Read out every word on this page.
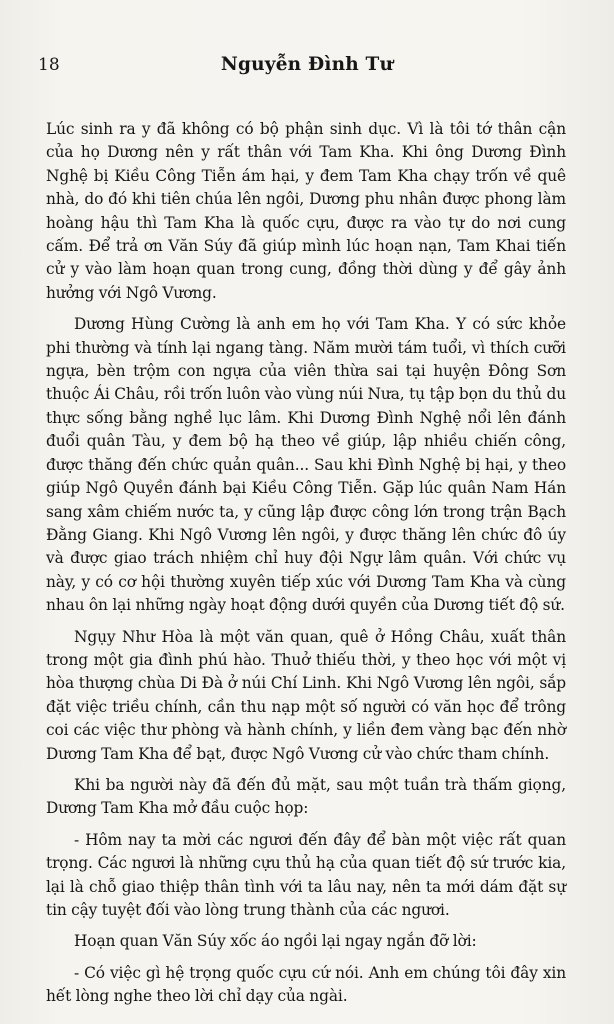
18	Nguyễn Đình Tư

Lúc sinh ra y đã không có bộ phận sinh dục. Vì là tôi tớ thân cận của họ Dương nên y rất thân với Tam Kha. Khi ông Dương Đình Nghệ bị Kiều Công Tiễn ám hại, y đem Tam Kha chạy trốn về quê nhà, do đó khi tiên chúa lên ngôi, Dương phu nhân được phong làm hoàng hậu thì Tam Kha là quốc cựu, được ra vào tự do nơi cung cấm. Để trả ơn Văn Súy đã giúp mình lúc hoạn nạn, Tam Khai tiến cử y vào làm hoạn quan trong cung, đồng thời dùng y để gây ảnh hưởng với Ngô Vương.

Dương Hùng Cường là anh em họ với Tam Kha. Y có sức khỏe phi thường và tính lại ngang tàng. Năm mười tám tuổi, vì thích cưỡi ngựa, bèn trộm con ngựa của viên thừa sai tại huyện Đông Sơn thuộc Ái Châu, rồi trốn luôn vào vùng núi Nưa, tụ tập bọn du thủ du thực sống bằng nghề lục lâm. Khi Dương Đình Nghệ nổi lên đánh đuổi quân Tàu, y đem bộ hạ theo về giúp, lập nhiều chiến công, được thăng đến chức quản quân... Sau khi Đình Nghệ bị hại, y theo giúp Ngô Quyền đánh bại Kiều Công Tiễn. Gặp lúc quân Nam Hán sang xâm chiếm nước ta, y cũng lập được công lớn trong trận Bạch Đằng Giang. Khi Ngô Vương lên ngôi, y được thăng lên chức đô úy và được giao trách nhiệm chỉ huy đội Ngự lâm quân. Với chức vụ này, y có cơ hội thường xuyên tiếp xúc với Dương Tam Kha và cùng nhau ôn lại những ngày hoạt động dưới quyền của Dương tiết độ sứ.

Ngụy Như Hòa là một văn quan, quê ở Hồng Châu, xuất thân trong một gia đình phú hào. Thuở thiếu thời, y theo học với một vị hòa thượng chùa Di Đà ở núi Chí Linh. Khi Ngô Vương lên ngôi, sắp đặt việc triều chính, cần thu nạp một số người có văn học để trông coi các việc thư phòng và hành chính, y liền đem vàng bạc đến nhờ Dương Tam Kha để bạt, được Ngô Vương cử vào chức tham chính.

Khi ba người này đã đến đủ mặt, sau một tuần trà thấm giọng, Dương Tam Kha mở đầu cuộc họp:

- Hôm nay ta mời các ngươi đến đây để bàn một việc rất quan trọng. Các ngươi là những cựu thủ hạ của quan tiết độ sứ trước kia, lại là chỗ giao thiệp thân tình với ta lâu nay, nên ta mới dám đặt sự tin cậy tuyệt đối vào lòng trung thành của các ngươi.

Hoạn quan Văn Súy xốc áo ngồi lại ngay ngắn đỡ lời:

- Có việc gì hệ trọng quốc cựu cứ nói. Anh em chúng tôi đây xin hết lòng nghe theo lời chỉ dạy của ngài.
